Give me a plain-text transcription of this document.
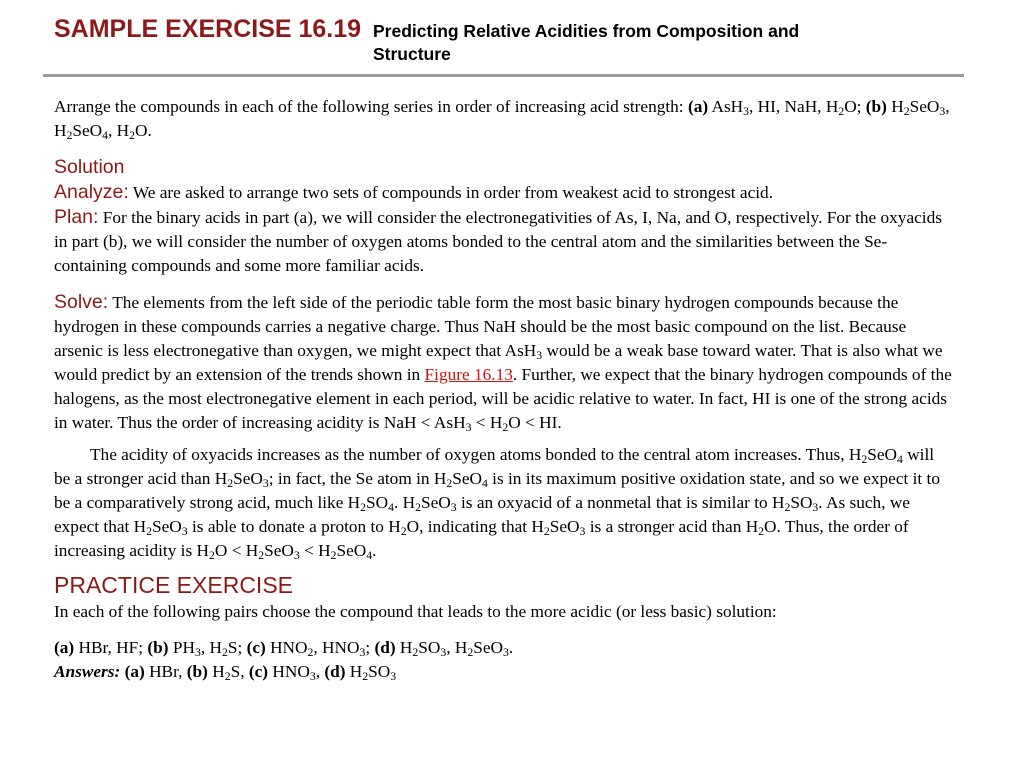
SAMPLE EXERCISE 16.19 Predicting Relative Acidities from Composition and Structure

Arrange the compounds in each of the following series in order of increasing acid strength: (a) AsH$_3$, HI, NaH, $H_2O$; (b) $H_2SeO_3$, $H_2SeO_4$, $H_2O$.

Solution

Analyze: We are asked to arrange two sets of compounds in order from weakest acid to strongest acid.

Plan: For the binary acids in part (a), we will consider the electronegativities of As, I, Na, and O, respectively. For the oxyacids in part (b), we will consider the number of oxygen atoms bonded to the central atom and the similarities between the Se-containing compounds and some more familiar acids.

Solve: The elements from the left side of the periodic table form the most basic binary hydrogen compounds because the hydrogen in these compounds carries a negative charge. Thus NaH should be the most basic compound on the list. Because arsenic is less electronegative than oxygen, we might expect that AsH$_3$ would be a weak base toward water. That is also what we would predict by an extension of the trends shown in Figure 16.13. Further, we expect that the binary hydrogen compounds of the halogens, as the most electronegative element in each period, will be acidic relative to water. In fact, HI is one of the strong acids in water. Thus the order of increasing acidity is NaH < $AsH_3 < H_2O$ < HI.

The acidity of oxyacids increases as the number of oxygen atoms bonded to the central atom increases. Thus, $H_2SeO_4$ will be a stronger acid than $H_2SeO_3$; in fact, the Se atom in $H_2SeO_4$ is in its maximum positive oxidation state, and so we expect it to be a comparatively strong acid, much like $H_2SO_4$. $H_2SeO_3$ is an oxyacid of a nonmetal that is similar to $H_2SO_3$. As such, we expect that $H_2SeO_3$ is able to donate a proton to $H_2O$, indicating that $H_2SeO_3$ is a stronger acid than $H_2O$. Thus, the order of increasing acidity is $H_2O < H_2SeO_3 < H_2SeO_4$.

PRACTICE EXERCISE

In each of the following pairs choose the compound that leads to the more acidic (or less basic) solution:

(a) HBr, HF; (b) $PH_3$, $H_2S$; (c) $HNO_2$, $HNO_3$; (d) $H_2SO_3$, $H_2SeO_3$.

Answers: (a) HBr, (b) $H_2S$, (c) $HNO_3$, (d) $H_2SO_3$
